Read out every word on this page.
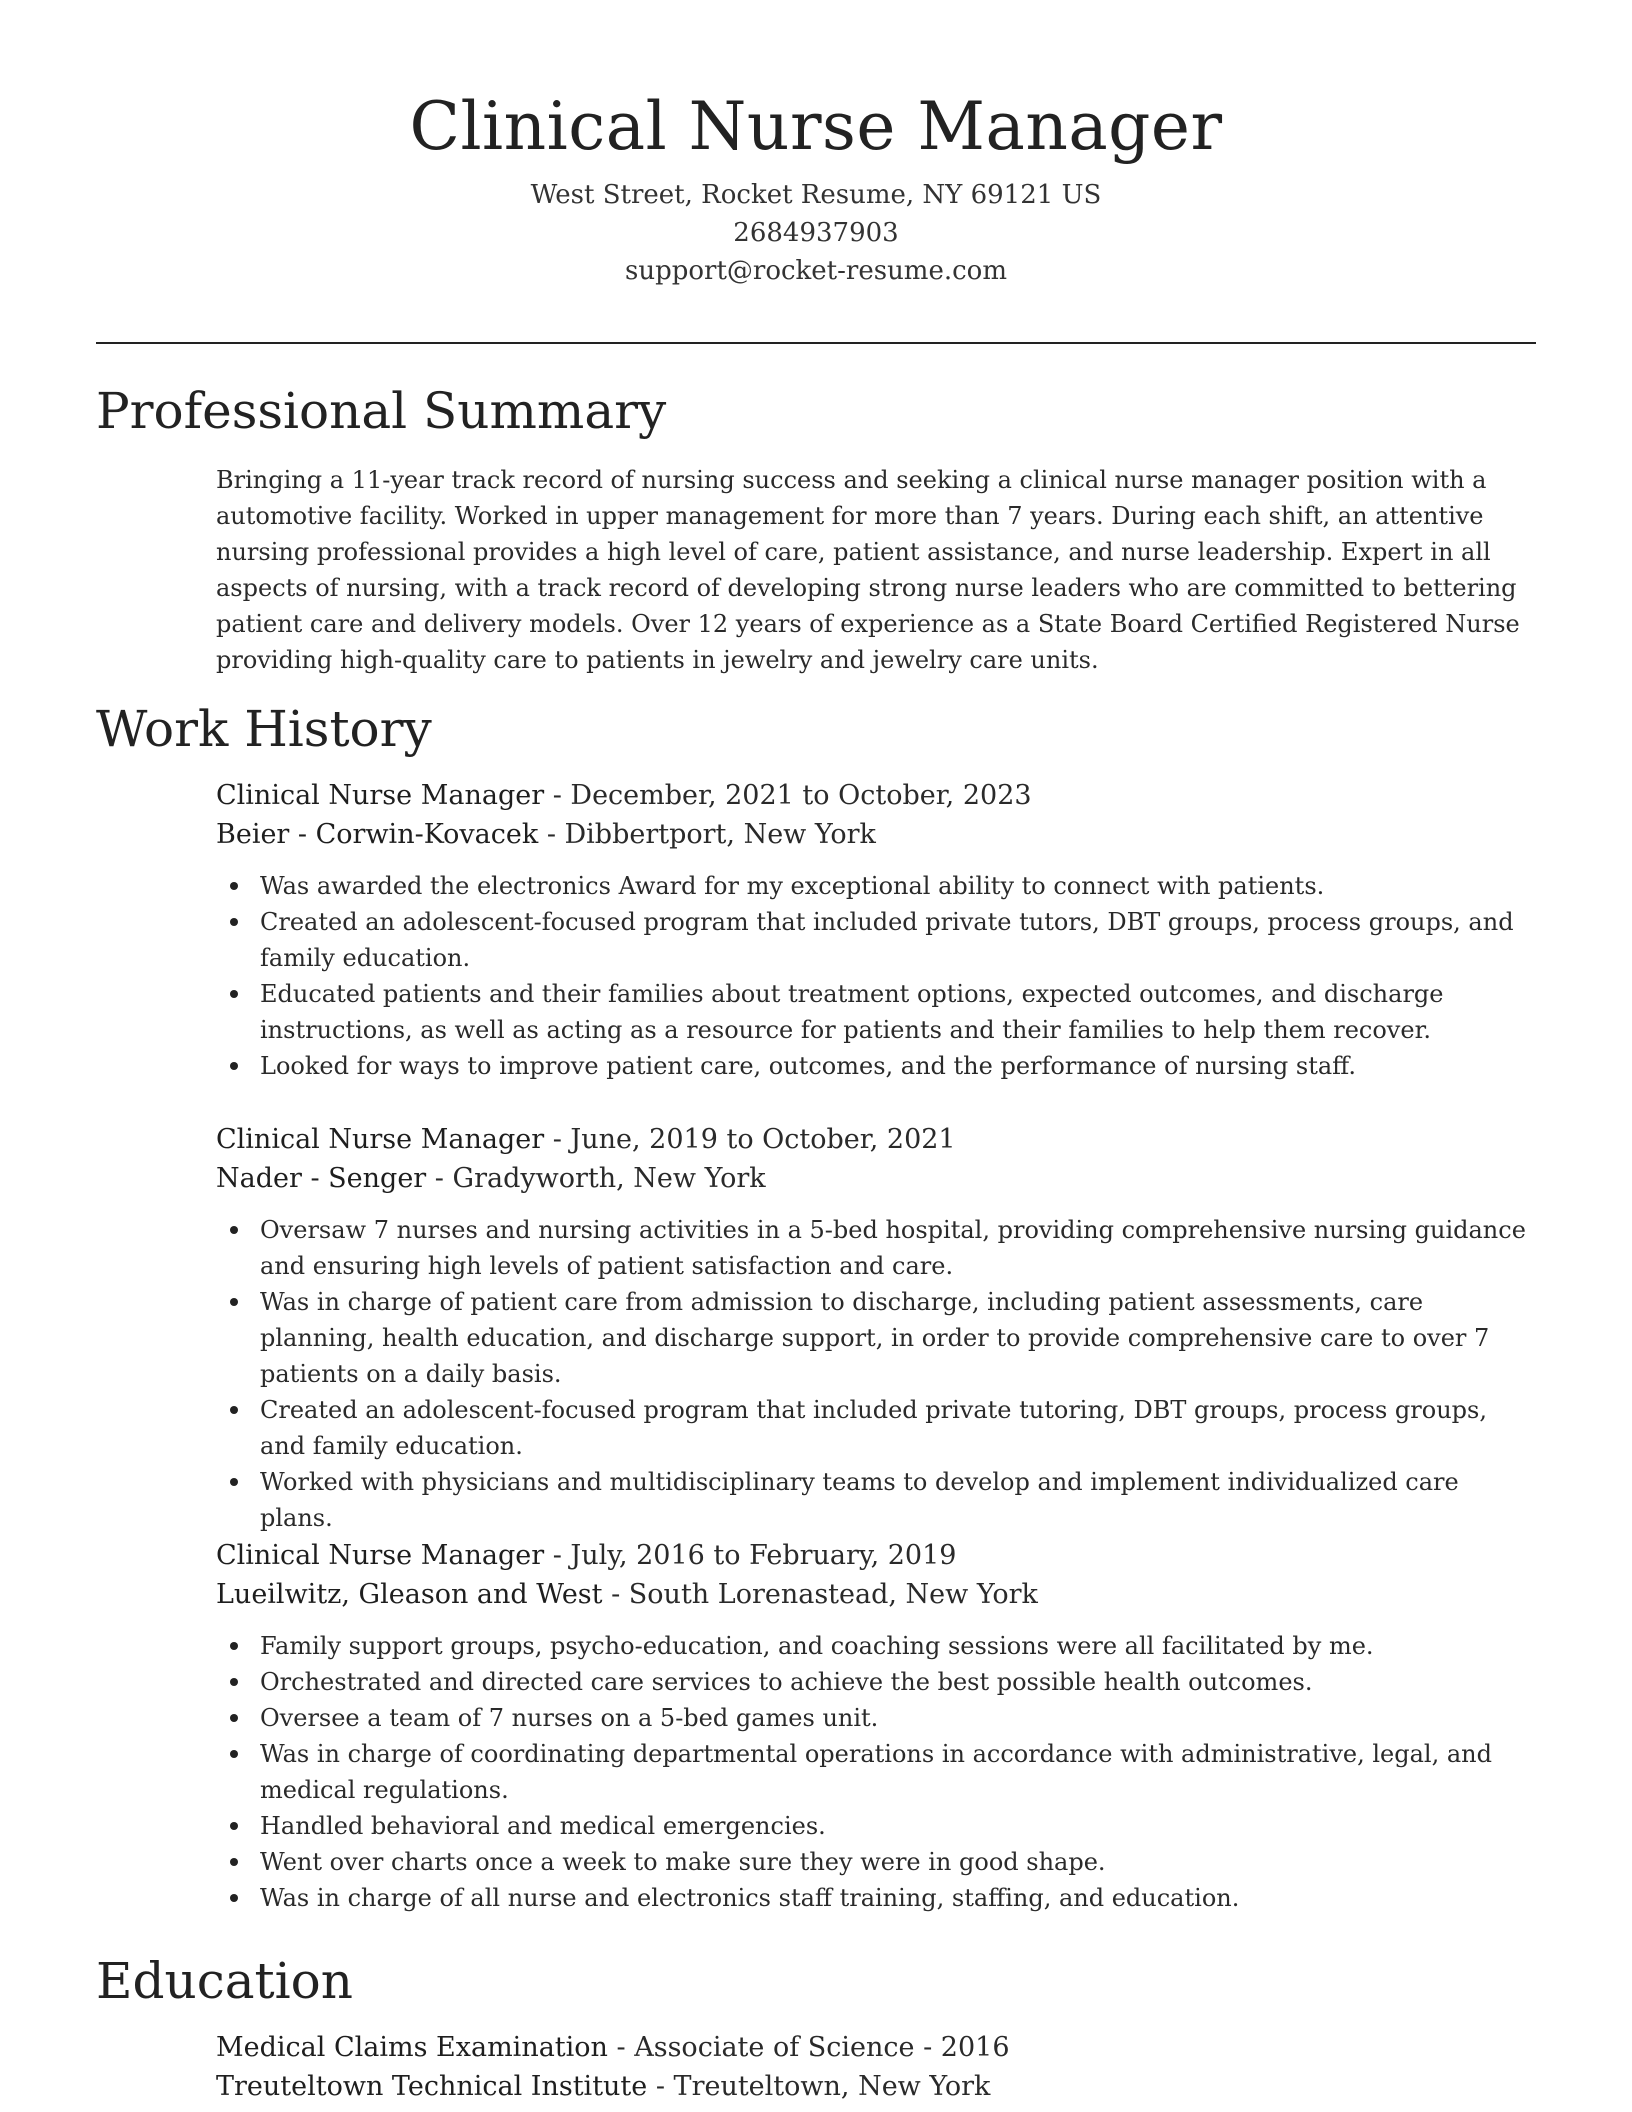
Clinical Nurse Manager
West Street, Rocket Resume, NY 69121 US
2684937903
support@rocket-resume.com
Professional Summary

Bringing a 11-year track record of nursing success and seeking a clinical nurse manager position with a automotive facility. Worked in upper management for more than 7 years. During each shift, an attentive nursing professional provides a high level of care, patient assistance, and nurse leadership. Expert in all aspects of nursing, with a track record of developing strong nurse leaders who are committed to bettering patient care and delivery models. Over 12 years of experience as a State Board Certified Registered Nurse providing high-quality care to patients in jewelry and jewelry care units.

Work History
Clinical Nurse Manager - December, 2021 to October, 2023
Beier - Corwin-Kovacek - Dibbertport, New York
Was awarded the electronics Award for my exceptional ability to connect with patients.
Created an adolescent-focused program that included private tutors, DBT groups, process groups, and family education.
Educated patients and their families about treatment options, expected outcomes, and discharge instructions, as well as acting as a resource for patients and their families to help them recover.
Looked for ways to improve patient care, outcomes, and the performance of nursing staff.
Clinical Nurse Manager - June, 2019 to October, 2021
Nader - Senger - Gradyworth, New York
Oversaw 7 nurses and nursing activities in a 5-bed hospital, providing comprehensive nursing guidance and ensuring high levels of patient satisfaction and care.
Was in charge of patient care from admission to discharge, including patient assessments, care planning, health education, and discharge support, in order to provide comprehensive care to over 7 patients on a daily basis.
Created an adolescent-focused program that included private tutoring, DBT groups, process groups, and family education.
Worked with physicians and multidisciplinary teams to develop and implement individualized care plans.
Clinical Nurse Manager - July, 2016 to February, 2019
Lueilwitz, Gleason and West - South Lorenastead, New York
Family support groups, psycho-education, and coaching sessions were all facilitated by me.
Orchestrated and directed care services to achieve the best possible health outcomes.
Oversee a team of 7 nurses on a 5-bed games unit.
Was in charge of coordinating departmental operations in accordance with administrative, legal, and medical regulations.
Handled behavioral and medical emergencies.
Went over charts once a week to make sure they were in good shape.
Was in charge of all nurse and electronics staff training, staffing, and education.
Education
Medical Claims Examination - Associate of Science - 2016
Treuteltown Technical Institute - Treuteltown, New York
